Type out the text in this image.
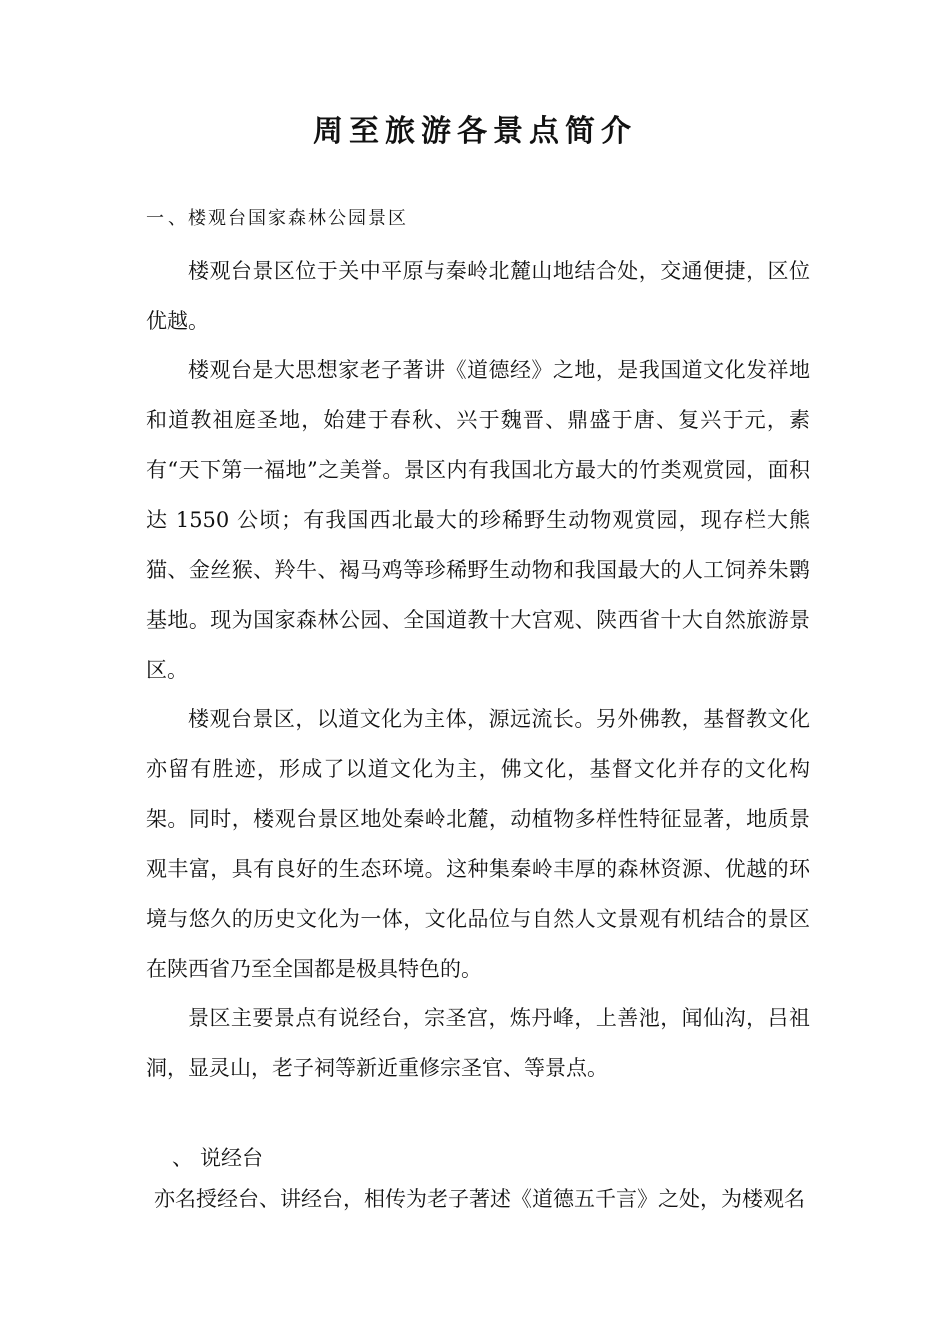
周至旅游各景点简介
一 、楼观台国家森林公园景区

楼观台景区位于关中平原与秦岭北麓山地结合处，交通便捷，区位优越。

楼观台是大思想家老子著讲《道德经》之地，是我国道文化发祥地和道教祖庭圣地，始建于春秋、兴于魏晋、鼎盛于唐、复兴于元，素有“天下第一福地”之美誉。景区内有我国北方最大的竹类观赏园，面积达 1550 公顷；有我国西北最大的珍稀野生动物观赏园，现存栏大熊猫、金丝猴、羚牛、褐马鸡等珍稀野生动物和我国最大的人工饲养朱鹮基地。现为国家森林公园、全国道教十大宫观、陕西省十大自然旅游景区。

楼观台景区，以道文化为主体，源远流长。另外佛教，基督教文化亦留有胜迹，形成了以道文化为主，佛文化，基督文化并存的文化构架。同时，楼观台景区地处秦岭北麓，动植物多样性特征显著，地质景观丰富，具有良好的生态环境。这种集秦岭丰厚的森林资源、优越的环境与悠久的历史文化为一体，文化品位与自然人文景观有机结合的景区在陕西省乃至全国都是极具特色的。

景区主要景点有说经台，宗圣宫，炼丹峰，上善池，闻仙沟，吕祖洞，显灵山，老子祠等新近重修宗圣官、等景点。

、 说经台

亦名授经台、讲经台，相传为老子著述《道德五千言》之处，为楼观名
